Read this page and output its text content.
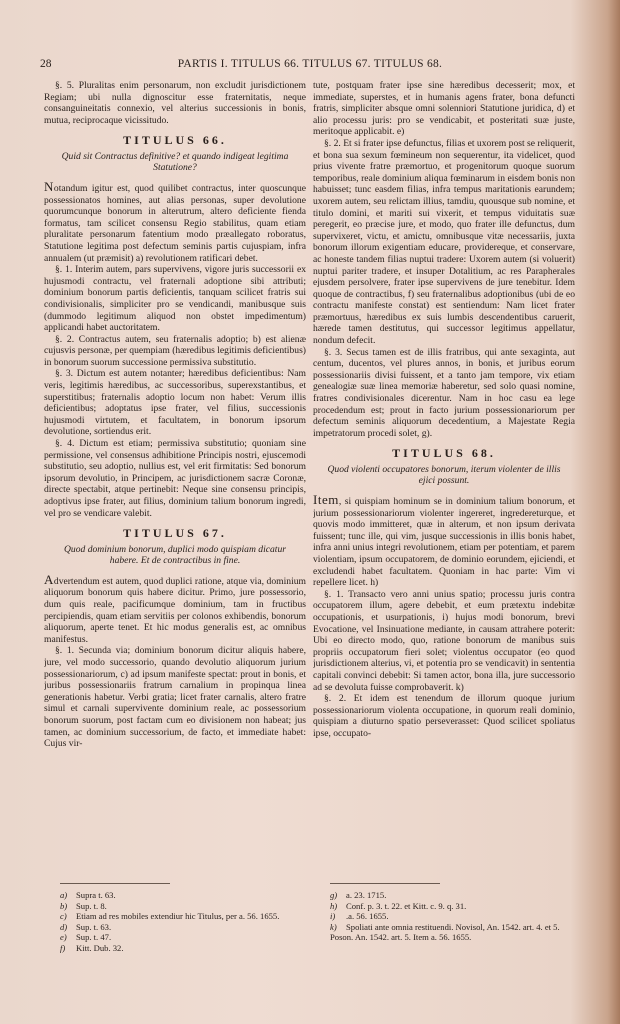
28	PARTIS I. TITULUS 66. TITULUS 67. TITULUS 68.

§. 5. Pluralitas enim personarum, non excludit jurisdictionem Regiam; ubi nulla dignoscitur esse fraternitatis, neque consanguineitatis connexio, vel alterius successionis in bonis, mutua, reciprocaque vicissitudo.

TITULUS 66.
Quid sit Contractus definitive? et quando indigeat legitima Statutione?

Notandum igitur est, quod quilibet contractus, inter quoscunque possessionatos homines, aut alias personas, super devolutione quorumcunque bonorum in alterutrum, altero deficiente fienda formatus, tam scilicet consensu Regio stabilitus, quam etiam pluralitate personarum fatentium modo præallegato roboratus, Statutione legitima post defectum seminis partis cujuspiam, infra annualem (ut præmisit) a) revolutionem ratificari debet.

§. 1. Interim autem, pars supervivens, vigore juris successorii ex hujusmodi contractu, vel fraternali adoptione sibi attributi; dominium bonorum partis deficientis, tanquam scilicet fratris sui condivisionalis, simpliciter pro se vendicandi, manibusque suis (dummodo legitimum aliquod non obstet impedimentum) applicandi habet auctoritatem.

§. 2. Contractus autem, seu fraternalis adoptio; b) est alienæ cujusvis personæ, per quempiam (hæredibus legitimis deficientibus) in bonorum suorum successione permissiva substitutio.

§. 3. Dictum est autem notanter; hæredibus deficientibus: Nam veris, legitimis hæredibus, ac successoribus, superexstantibus, et superstitibus; fraternalis adoptio locum non habet: Verum illis deficientibus; adoptatus ipse frater, vel filius, successionis hujusmodi virtutem, et facultatem, in bonorum ipsorum devolutione, sortiendus erit.

§. 4. Dictum est etiam; permissiva substitutio; quoniam sine permissione, vel consensus adhibitione Principis nostri, ejuscemodi substitutio, seu adoptio, nullius est, vel erit firmitatis: Sed bonorum ipsorum devolutio, in Principem, ac jurisdictionem sacræ Coronæ, directe spectabit, atque pertinebit: Neque sine consensu principis, adoptivus ipse frater, aut filius, dominium talium bonorum ingredi, vel pro se vendicare valebit.

TITULUS 67.
Quod dominium bonorum, duplici modo quispiam dicatur habere. Et de contractibus in fine.

Advertendum est autem, quod duplici ratione, atque via, dominium aliquorum bonorum quis habere dicitur. Primo, jure possessorio, dum quis reale, pacificumque dominium, tam in fructibus percipiendis, quam etiam servitiis per colonos exhibendis, bonorum aliquorum, aperte tenet. Et hic modus generalis est, ac omnibus manifestus.

§. 1. Secunda via; dominium bonorum dicitur aliquis habere, jure, vel modo successorio, quando devolutio aliquorum jurium possessionariorum, c) ad ipsum manifeste spectat: prout in bonis, et juribus possessionariis fratrum carnalium in propinqua linea generationis habetur. Verbi gratia; licet frater carnalis, altero fratre simul et carnali supervivente dominium reale, ac possessorium bonorum suorum, post factam cum eo divisionem non habeat; jus tamen, ac dominium successorium, de facto, et immediate habet: Cujus vir-

tute, postquam frater ipse sine hæredibus decesserit; mox, et immediate, superstes, et in humanis agens frater, bona defuncti fratris, simpliciter absque omni solenniori Statutione juridica, d) et alio processu juris: pro se vendicabit, et posteritati suæ juste, meritoque applicabit. e)

§. 2. Et si frater ipse defunctus, filias et uxorem post se reliquerit, et bona sua sexum fœmineum non sequerentur, ita videlicet, quod prius vivente fratre præmortuo, et progenitorum quoque suorum temporibus, reale dominium aliqua fœminarum in eisdem bonis non habuisset; tunc easdem filias, infra tempus maritationis earundem; uxorem autem, seu relictam illius, tamdiu, quousque sub nomine, et titulo domini, et mariti sui vixerit, et tempus viduitatis suæ peregerit, eo præcise jure, et modo, quo frater ille defunctus, dum supervixeret, victu, et amictu, omnibusque vitæ necessariis, juxta bonorum illorum exigentiam educare, providereque, et conservare, ac honeste tandem filias nuptui tradere: Uxorem autem (si voluerit) nuptui pariter tradere, et insuper Dotalitium, ac res Parapherales ejusdem persolvere, frater ipse supervivens de jure tenebitur. Idem quoque de contractibus, f) seu fraternalibus adoptionibus (ubi de eo contractu manifeste constat) est sentiendum: Nam licet frater præmortuus, hæredibus ex suis lumbis descendentibus caruerit, hærede tamen destitutus, qui successor legitimus appellatur, nondum defecit.

§. 3. Secus tamen est de illis fratribus, qui ante sexaginta, aut centum, ducentos, vel plures annos, in bonis, et juribus eorum possessionariis divisi fuissent, et a tanto jam tempore, vix etiam genealogiæ suæ linea memoriæ haberetur, sed solo quasi nomine, fratres condivisionales dicerentur. Nam in hoc casu ea lege procedendum est; prout in facto jurium possessionariorum per defectum seminis aliquorum decedentium, a Majestate Regia impetratorum procedi solet, g).

TITULUS 68.
Quod violenti occupatores bonorum, iterum violenter de illis ejici possunt.

Item, si quispiam hominum se in dominium talium bonorum, et jurium possessionariorum violenter ingereret, ingredereturque, et quovis modo immitteret, quæ in alterum, et non ipsum derivata fuissent; tunc ille, qui vim, jusque successionis in illis bonis habet, infra anni unius integri revolutionem, etiam per potentiam, et parem violentiam, ipsum occupatorem, de dominio eorundem, ejiciendi, et excludendi habet facultatem. Quoniam in hac parte: Vim vi repellere licet. h)

§. 1. Transacto vero anni unius spatio; processu juris contra occupatorem illum, agere debebit, et eum prætextu indebitæ occupationis, et usurpationis, i) hujus modi bonorum, brevi Evocatione, vel Insinuatione mediante, in causam attrahere poterit: Ubi eo directo modo, quo, ratione bonorum de manibus suis propriis occupatorum fieri solet; violentus occupator (eo quod jurisdictionem alterius, vi, et potentia pro se vendicavit) in sententia capitali convinci debebit: Si tamen actor, bona illa, jure successorio ad se devoluta fuisse comprobaverit. k)

§. 2. Et idem est tenendum de illorum quoque jurium possessionariorum violenta occupatione, in quorum reali dominio, quispiam a diuturno spatio perseverasset: Quod scilicet spoliatus ipse, occupato-

a) Supra t. 63.
b) Sup. t. 8.
c) Etiam ad res mobiles extendiur hic Titulus, per a. 56. 1655.
d) Sup. t. 63.
e) Sup. t. 47.
f) Kitt. Dub. 32.
g) a. 23. 1715.
h) Conf. p. 3. t. 22. et Kitt. c. 9. q. 31.
i) .a. 56. 1655.
k) Spoliati ante omnia restituendi. Novisol, An. 1542. art. 4. et 5. Poson. An. 1542. art. 5. Item a. 56. 1655.
